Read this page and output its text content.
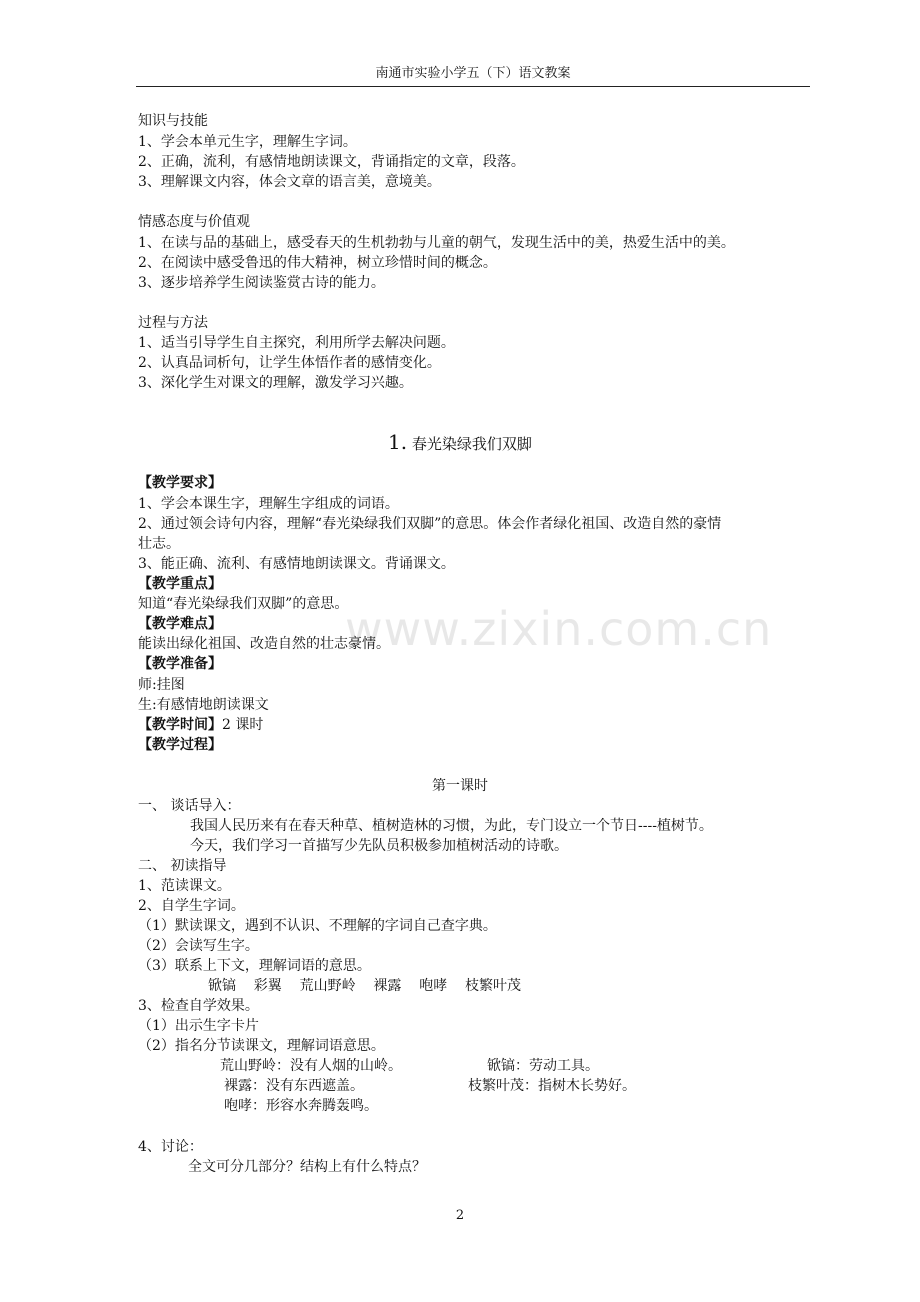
南通市实验小学五（下）语文教案
知识与技能
1、学会本单元生字，理解生字词。
2、正确，流利，有感情地朗读课文，背诵指定的文章，段落。
3、理解课文内容，体会文章的语言美，意境美。
情感态度与价值观
1、在读与品的基础上，感受春天的生机勃勃与儿童的朝气，发现生活中的美，热爱生活中的美。
2、在阅读中感受鲁迅的伟大精神，树立珍惜时间的概念。
3、逐步培养学生阅读鉴赏古诗的能力。
过程与方法
1、适当引导学生自主探究，利用所学去解决问题。
2、认真品词析句，让学生体悟作者的感情变化。
3、深化学生对课文的理解，激发学习兴趣。
1. 春光染绿我们双脚
www.zixin.com.cn
【教学要求】
1、学会本课生字，理解生字组成的词语。
2、通过领会诗句内容，理解“春光染绿我们双脚”的意思。体会作者绿化祖国、改造自然的豪情
壮志。
3、能正确、流利、有感情地朗读课文。背诵课文。
【教学重点】
知道“春光染绿我们双脚”的意思。
【教学难点】
能读出绿化祖国、改造自然的壮志豪情。
【教学准备】
师:挂图
生:有感情地朗读课文
【教学时间】2 课时
【教学过程】
第一课时
一、 谈话导入：
我国人民历来有在春天种草、植树造林的习惯，为此，专门设立一个节日----植树节。
今天，我们学习一首描写少先队员积极参加植树活动的诗歌。
二、 初读指导
1、范读课文。
2、自学生字词。
（1）默读课文，遇到不认识、不理解的字词自己查字典。
（2）会读写生字。
（3）联系上下文，理解词语的意思。
锨镐    彩翼    荒山野岭    裸露    咆哮    枝繁叶茂
3、检查自学效果。
（1）出示生字卡片
（2）指名分节读课文，理解词语意思。
荒山野岭：没有人烟的山岭。	锨镐：劳动工具。
裸露：没有东西遮盖。	枝繁叶茂：指树木长势好。
咆哮：形容水奔腾轰鸣。
4、讨论：
全文可分几部分？结构上有什么特点？
2
